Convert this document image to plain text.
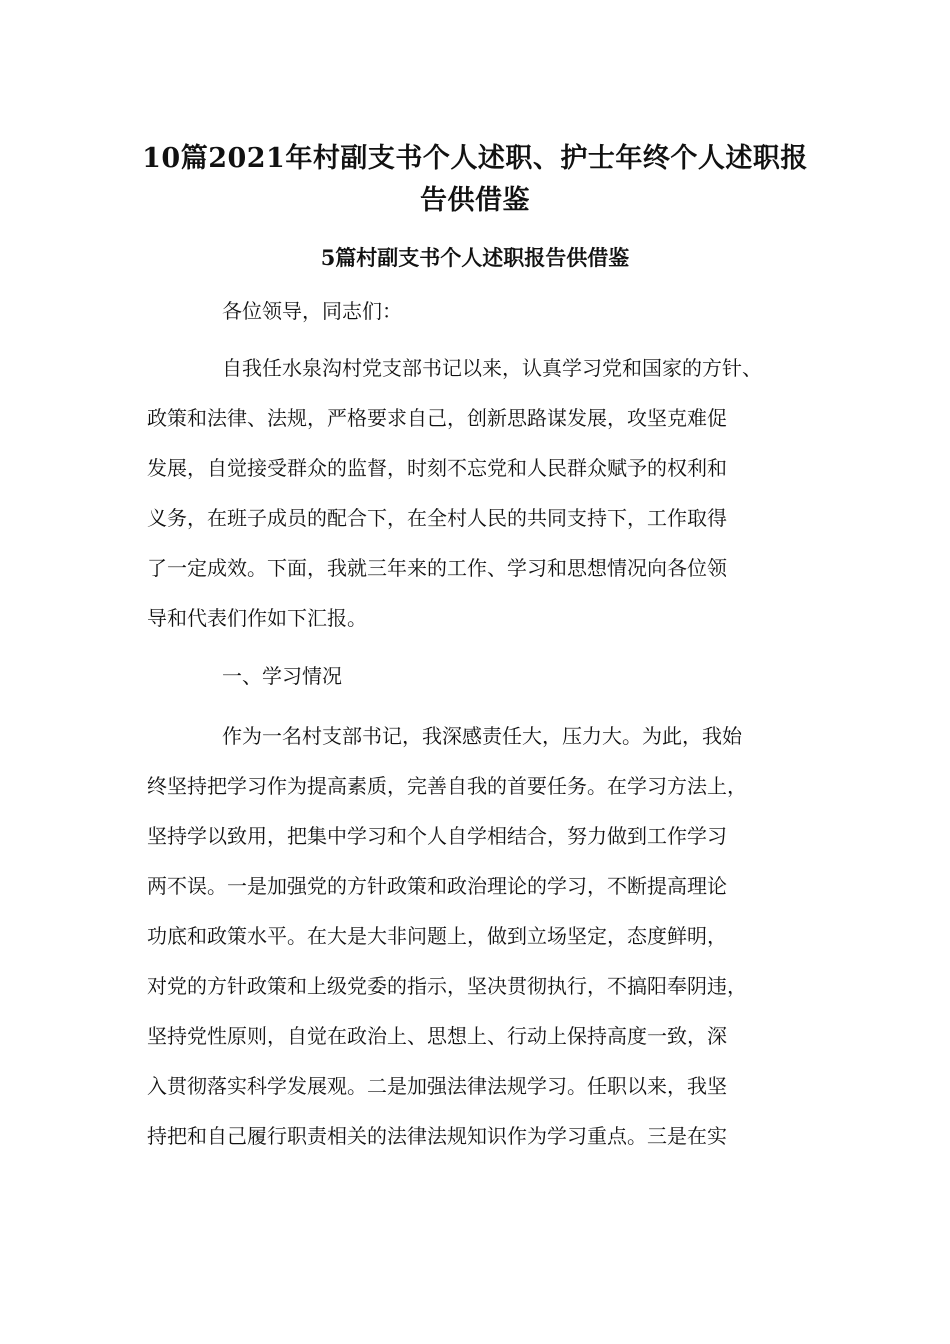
10篇2021年村副支书个人述职、护士年终个人述职报告供借鉴
5篇村副支书个人述职报告供借鉴

各位领导，同志们：

自我任水泉沟村党支部书记以来，认真学习党和国家的方针、

政策和法律、法规，严格要求自己，创新思路谋发展，攻坚克难促

发展，自觉接受群众的监督，时刻不忘党和人民群众赋予的权利和

义务，在班子成员的配合下，在全村人民的共同支持下，工作取得

了一定成效。下面，我就三年来的工作、学习和思想情况向各位领

导和代表们作如下汇报。

一、学习情况

作为一名村支部书记，我深感责任大，压力大。为此，我始

终坚持把学习作为提高素质，完善自我的首要任务。在学习方法上，

坚持学以致用，把集中学习和个人自学相结合，努力做到工作学习

两不误。一是加强党的方针政策和政治理论的学习，不断提高理论

功底和政策水平。在大是大非问题上，做到立场坚定，态度鲜明，

对党的方针政策和上级党委的指示，坚决贯彻执行，不搞阳奉阴违，

坚持党性原则，自觉在政治上、思想上、行动上保持高度一致，深

入贯彻落实科学发展观。二是加强法律法规学习。任职以来，我坚

持把和自己履行职责相关的法律法规知识作为学习重点。三是在实
